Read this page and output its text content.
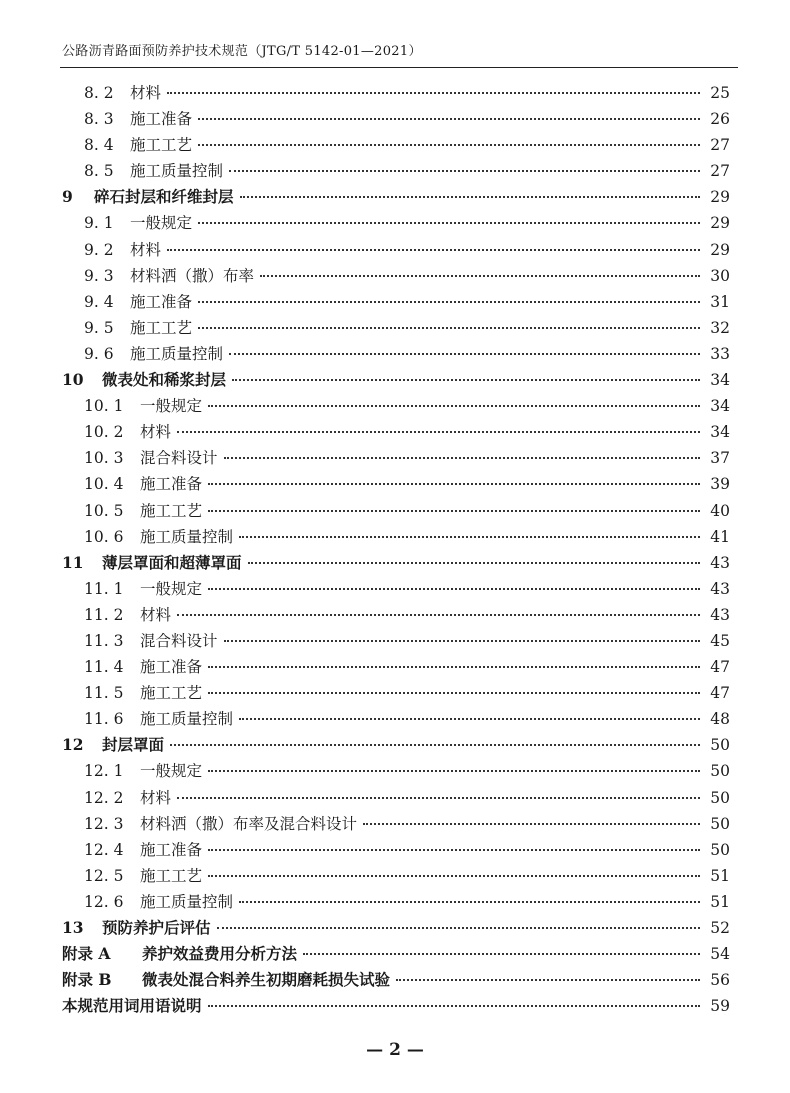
公路沥青路面预防养护技术规范（JTG/T 5142-01—2021）
8. 2	材料	25
8. 3	施工准备	26
8. 4	施工工艺	27
8. 5	施工质量控制	27
9	碎石封层和纤维封层	29
9. 1	一般规定	29
9. 2	材料	29
9. 3	材料洒（撒）布率	30
9. 4	施工准备	31
9. 5	施工工艺	32
9. 6	施工质量控制	33
10	微表处和稀浆封层	34
10. 1	一般规定	34
10. 2	材料	34
10. 3	混合料设计	37
10. 4	施工准备	39
10. 5	施工工艺	40
10. 6	施工质量控制	41
11	薄层罩面和超薄罩面	43
11. 1	一般规定	43
11. 2	材料	43
11. 3	混合料设计	45
11. 4	施工准备	47
11. 5	施工工艺	47
11. 6	施工质量控制	48
12	封层罩面	50
12. 1	一般规定	50
12. 2	材料	50
12. 3	材料洒（撒）布率及混合料设计	50
12. 4	施工准备	50
12. 5	施工工艺	51
12. 6	施工质量控制	51
13	预防养护后评估	52
附录 A	养护效益费用分析方法	54
附录 B	微表处混合料养生初期磨耗损失试验	56
本规范用词用语说明	59
— 2 —
